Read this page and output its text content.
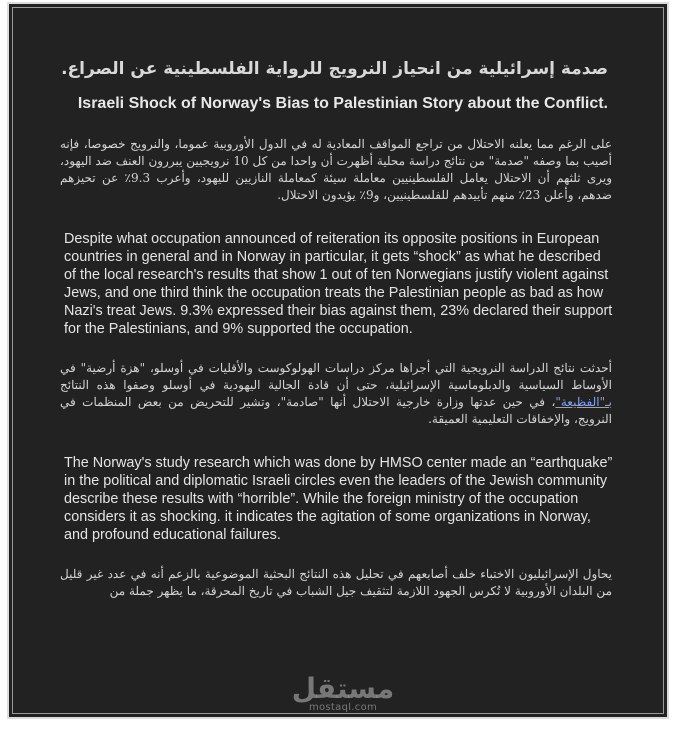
صدمة إسرائيلية من انحياز النرويج للرواية الفلسطينية عن الصراع.
Israeli Shock of Norway's Bias to Palestinian Story about the Conflict.

على الرغم مما يعلنه الاحتلال من تراجع المواقف المعادية له في الدول الأوروبية عموما، والنرويج خصوصا، فإنه أصيب بما وصفه "صدمة" من نتائج دراسة محلية أظهرت أن واحدا من كل 10 نرويجيين يبررون العنف ضد اليهود، ويرى ثلثهم أن الاحتلال يعامل الفلسطينيين معاملة سيئة كمعاملة النازيين لليهود، وأعرب 9.3٪ عن تحيزهم ضدهم، وأعلن 23٪ منهم تأييدهم للفلسطينيين، و9٪ يؤيدون الاحتلال.

Despite what occupation announced of reiteration its opposite positions in European countries in general and in Norway in particular, it gets “shock” as what he described of the local research's results that show 1 out of ten Norwegians justify violent against Jews, and one third think the occupation treats the Palestinian people as bad as how Nazi's treat Jews. 9.3% expressed their bias against them, 23% declared their support for the Palestinians, and 9% supported the occupation.

أحدثت نتائج الدراسة النرويجية التي أجراها مركز دراسات الهولوكوست والأقليات في أوسلو، "هزة أرضية" في الأوساط السياسية والدبلوماسية الإسرائيلية، حتى أن قادة الجالية اليهودية في أوسلو وصفوا هذه النتائج بـ"الفظيعة"، في حين عدتها وزارة خارجية الاحتلال أنها "صادمة"، وتشير للتحريض من بعض المنظمات في النرويج، والإخفاقات التعليمية العميقة.

The Norway's study research which was done by HMSO center made an “earthquake” in the political and diplomatic Israeli circles even the leaders of the Jewish community describe these results with “horrible”. While the foreign ministry of the occupation considers it as shocking. it indicates the agitation of some organizations in Norway, and profound educational failures.

يحاول الإسرائيليون الاختباء خلف أصابعهم في تحليل هذه النتائج البحثية الموضوعية بالزعم أنه في عدد غير قليل من البلدان الأوروبية لا تُكرس الجهود اللازمة لتثقيف جيل الشباب في تاريخ المحرقة، ما يظهر جملة من

مستقل
mostaql.com
